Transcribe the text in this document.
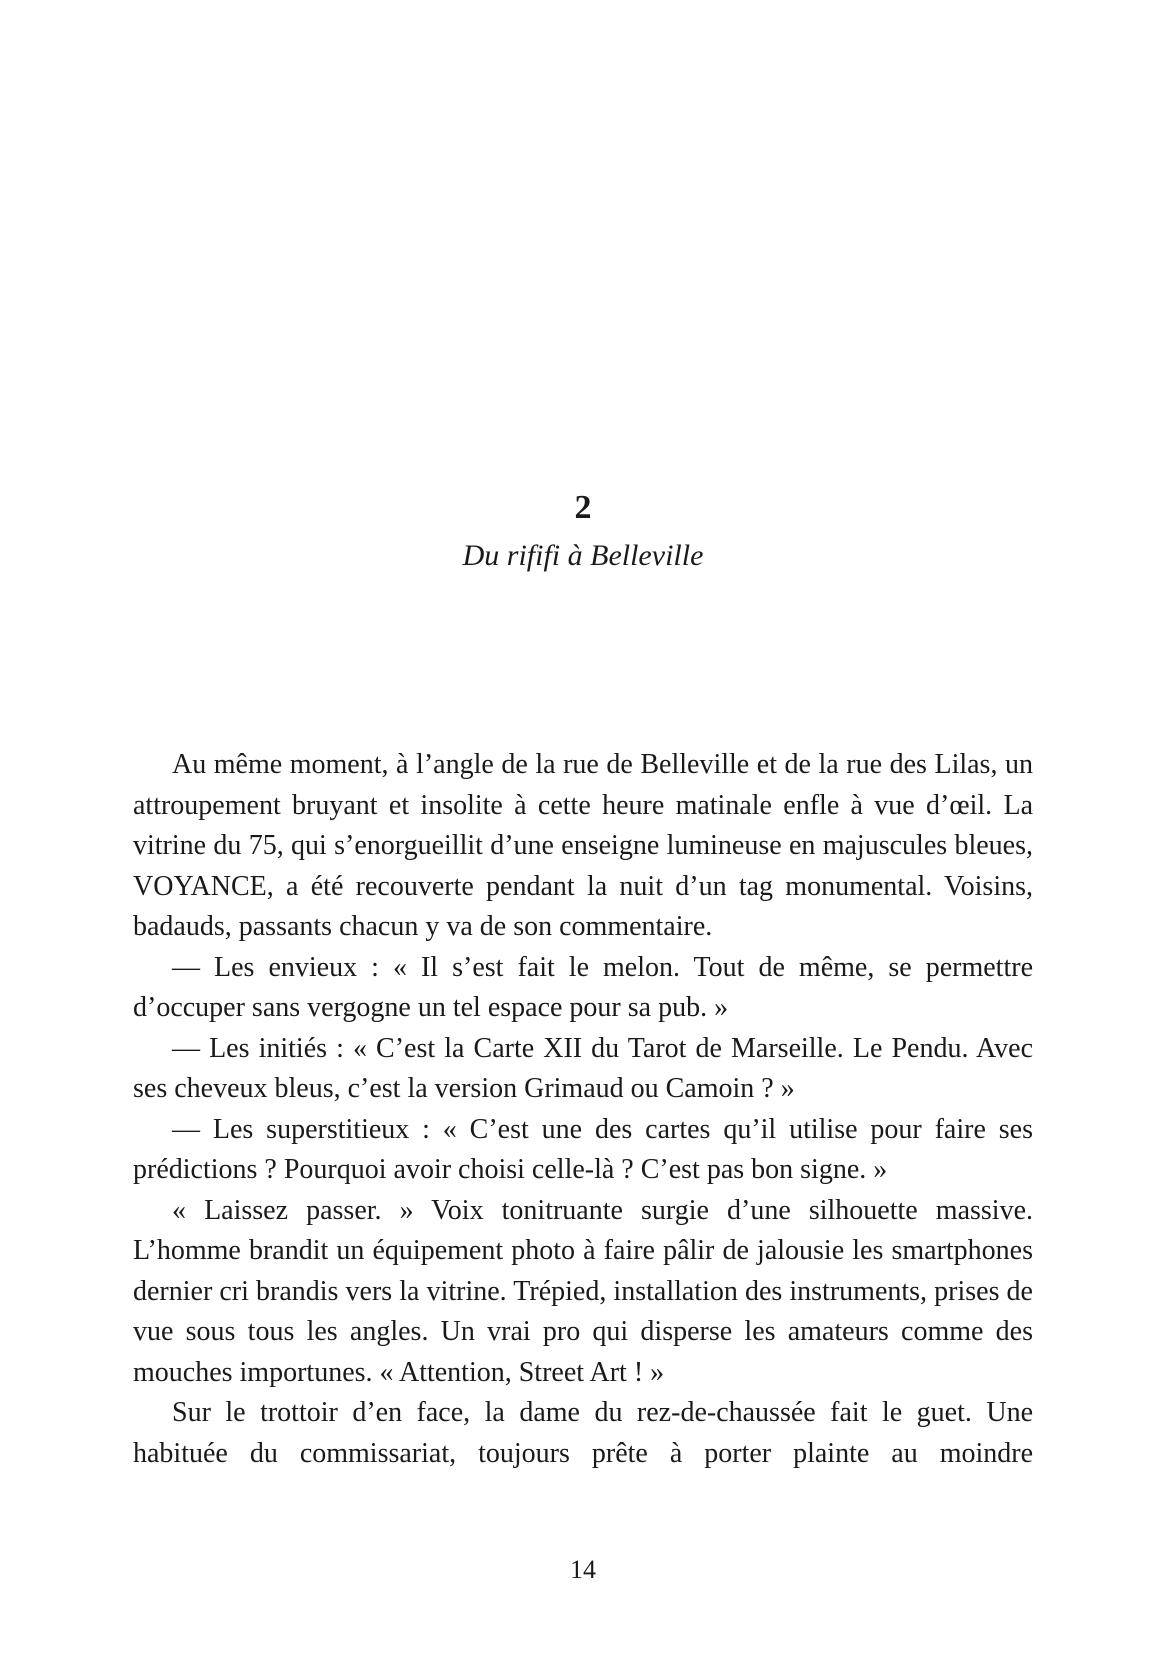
2
Du rififi à Belleville

Au même moment, à l’angle de la rue de Belleville et de la rue des Lilas, un attroupement bruyant et insolite à cette heure matinale enfle à vue d’œil. La vitrine du 75, qui s’enorgueillit d’une enseigne lumineuse en majuscules bleues, VOYANCE, a été recouverte pendant la nuit d’un tag monumental. Voisins, badauds, passants chacun y va de son commentaire.

— Les envieux : « Il s’est fait le melon. Tout de même, se permettre d’occuper sans vergogne un tel espace pour sa pub. »

— Les initiés : « C’est la Carte XII du Tarot de Marseille. Le Pendu. Avec ses cheveux bleus, c’est la version Grimaud ou Camoin ? »

— Les superstitieux : « C’est une des cartes qu’il utilise pour faire ses prédictions ? Pourquoi avoir choisi celle-là ? C’est pas bon signe. »

« Laissez passer. » Voix tonitruante surgie d’une silhouette massive. L’homme brandit un équipement photo à faire pâlir de jalousie les smartphones dernier cri brandis vers la vitrine. Trépied, installation des instruments, prises de vue sous tous les angles. Un vrai pro qui disperse les amateurs comme des mouches importunes. « Attention, Street Art ! »

Sur le trottoir d’en face, la dame du rez-de-chaussée fait le guet. Une habituée du commissariat, toujours prête à porter plainte au moindre

14
